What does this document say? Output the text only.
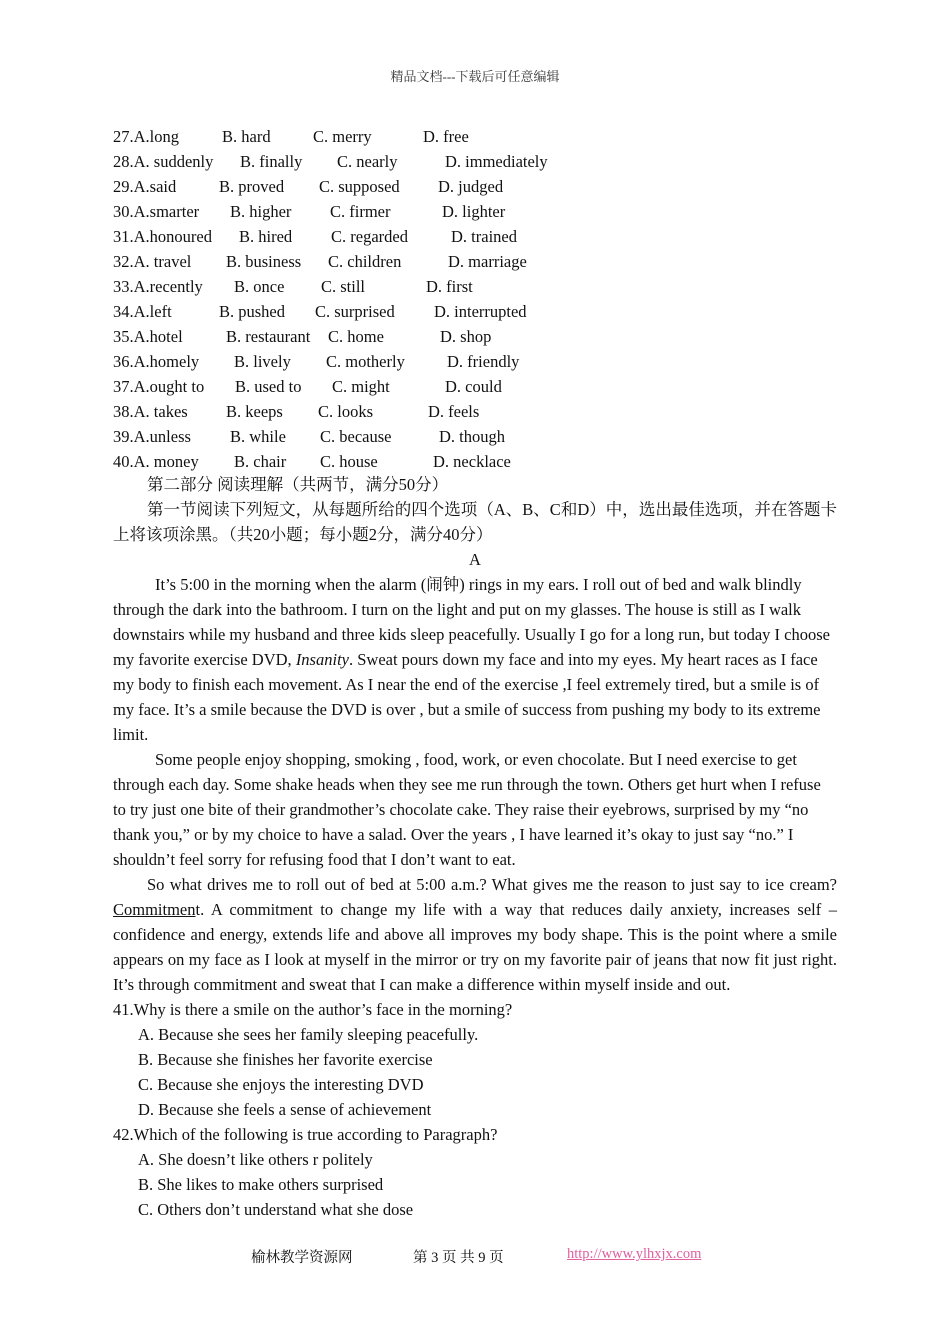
精品文档---下载后可任意编辑
27.A.long	B. hard	C. merry	D. free
28.A. suddenly B. finally C. nearly	D. immediately
29.A.said	B. proved C. supposed D. judged
30.A.smarter B. higher C. firmer	D. lighter
31.A.honoured B. hired C. regarded	D. trained
32.A. travel B. business C. children	D. marriage
33.A.recently B. once C. still	D. first
34.A.left	B. pushed C. surprised D. interrupted
35.A.hotel	B. restaurant C. home	D. shop
36.A.homely B. lively C. motherly	D. friendly
37.A.ought to B. used to C. might	D. could
38.A. takes B. keeps C. looks	D. feels
39.A.unless B. while C. because	D. though
40.A. money B. chair C. house	D. necklace

第二部分 阅读理解（共两节，满分50分）

第一节阅读下列短文，从每题所给的四个选项（A、B、C和D）中，选出最佳选项，并在答题卡上将该项涂黑。（共20小题；每小题2分，满分40分）

A

It’s 5:00 in the morning when the alarm (闹钟) rings in my ears. I roll out of bed and walk blindly through the dark into the bathroom. I turn on the light and put on my glasses. The house is still as I walk downstairs while my husband and three kids sleep peacefully. Usually I go for a long run, but today I choose my favorite exercise DVD, Insanity. Sweat pours down my face and into my eyes. My heart races as I face my body to finish each movement. As I near the end of the exercise ,I feel extremely tired, but a smile is of my face. It’s a smile because the DVD is over , but a smile of success from pushing my body to its extreme limit.

Some people enjoy shopping, smoking , food, work, or even chocolate. But I need exercise to get through each day. Some shake heads when they see me run through the town. Others get hurt when I refuse to try just one bite of their grandmother’s chocolate cake. They raise their eyebrows, surprised by my “no thank you,” or by my choice to have a salad. Over the years , I have learned it’s okay to just say “no.” I shouldn’t feel sorry for refusing food that I don’t want to eat.

So what drives me to roll out of bed at 5:00 a.m.? What gives me the reason to just say to ice cream? Commitment. A commitment to change my life with a way that reduces daily anxiety, increases self –confidence and energy, extends life and above all improves my body shape. This is the point where a smile appears on my face as I look at myself in the mirror or try on my favorite pair of jeans that now fit just right. It’s through commitment and sweat that I can make a difference within myself inside and out.

41.Why is there a smile on the author’s face in the morning?

A. Because she sees her family sleeping peacefully.

B. Because she finishes her favorite exercise

C. Because she enjoys the interesting DVD

D. Because she feels a sense of achievement

42.Which of the following is true according to Paragraph?

A. She doesn’t like others r politely

B. She likes to make others surprised

C. Others don’t understand what she dose

榆林教学资源网	第 3 页 共 9 页	http://www.ylhxjx.com
